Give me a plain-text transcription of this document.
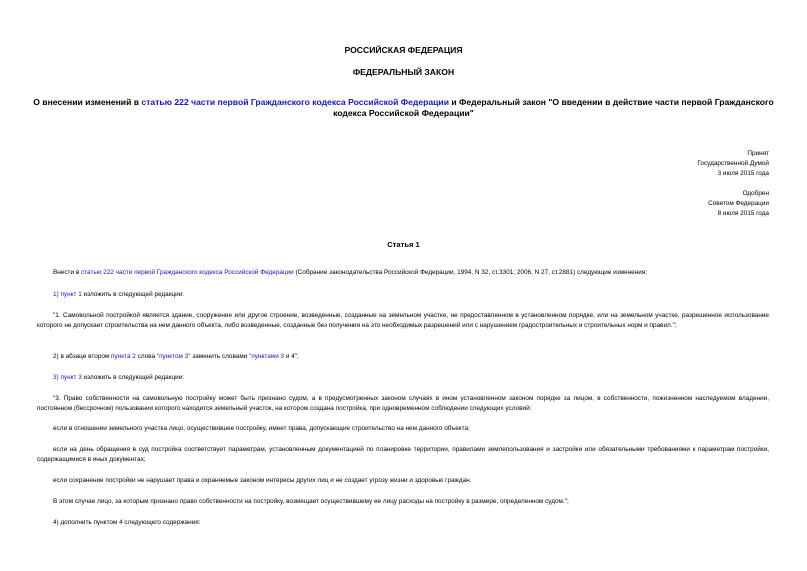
РОССИЙСКАЯ ФЕДЕРАЦИЯ
ФЕДЕРАЛЬНЫЙ ЗАКОН
О внесении изменений в статью 222 части первой Гражданского кодекса Российской Федерации и Федеральный закон "О введении в действие части первой Гражданского кодекса Российской Федерации"
Принят
Государственной Думой
3 июля 2015 года
Одобрен
Советом Федерации
8 июля 2015 года
Статья 1
Внести в статью 222 части первой Гражданского кодекса Российской Федерации (Собрание законодательства Российской Федерации, 1994, N 32, ст.3301; 2006, N 27, ст.2881) следующие изменения:
1) пункт 1 изложить в следующей редакции:
"1. Самовольной постройкой является здание, сооружение или другое строение, возведенные, созданные на земельном участке, не предоставленном в установленном порядке, или на земельном участке, разрешенное использование которого не допускает строительства на нем данного объекта, либо возведенные, созданные без получения на это необходимых разрешений или с нарушением градостроительных и строительных норм и правил.";
2) в абзаце втором пункта 2 слова "пунктом 3" заменить словами "пунктами 3 и 4";
3) пункт 3 изложить в следующей редакции:
"3. Право собственности на самовольную постройку может быть признано судом, а в предусмотренных законом случаях в ином установленном законом порядке за лицом, в собственности, пожизненном наследуемом владении, постоянном (бессрочном) пользовании которого находится земельный участок, на котором создана постройка, при одновременном соблюдении следующих условий:
если в отношении земельного участка лицо, осуществившее постройку, имеет права, допускающие строительство на нем данного объекта;
если на день обращения в суд постройка соответствует параметрам, установленным документацией по планировке территории, правилами землепользования и застройки или обязательными требованиями к параметрам постройки, содержащимися в иных документах;
если сохранение постройки не нарушает права и охраняемые законом интересы других лиц и не создает угрозу жизни и здоровью граждан.
В этом случае лицо, за которым признано право собственности на постройку, возмещает осуществившему ее лицу расходы на постройку в размере, определенном судом.";
4) дополнить пунктом 4 следующего содержания:
